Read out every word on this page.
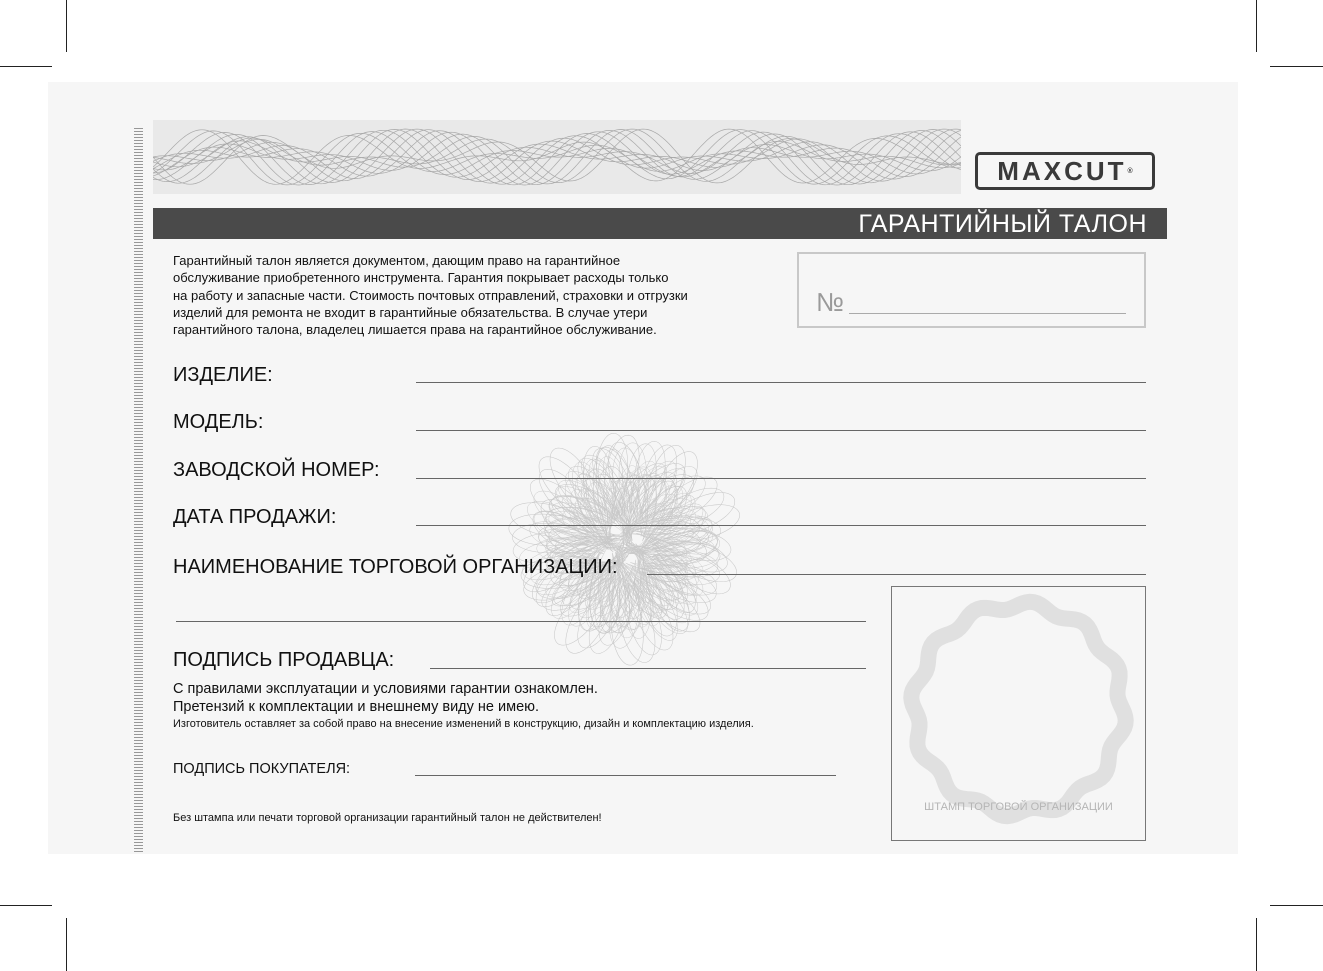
MAXCUT ®
ГАРАНТИЙНЫЙ ТАЛОН
Гарантийный талон является документом, дающим право на гарантийное
обслуживание приобретенного инструмента. Гарантия покрывает расходы только
на работу и запасные части. Стоимость почтовых отправлений, страховки и отгрузки
изделий для ремонта не входит в гарантийные обязательства. В случае утери
гарантийного талона, владелец лишается права на гарантийное обслуживание.
№
ИЗДЕЛИЕ:
МОДЕЛЬ:
ЗАВОДСКОЙ НОМЕР:
ДАТА ПРОДАЖИ:
НАИМЕНОВАНИЕ ТОРГОВОЙ ОРГАНИЗАЦИИ:
ПОДПИСЬ ПРОДАВЦА:
С правилами эксплуатации и условиями гарантии ознакомлен.
Претензий к комплектации и внешнему виду не имею.
Изготовитель оставляет за собой право на внесение изменений в конструкцию, дизайн и комплектацию изделия.
ПОДПИСЬ ПОКУПАТЕЛЯ:
Без штампа или печати торговой организации гарантийный талон не действителен!
ШТАМП ТОРГОВОЙ ОРГАНИЗАЦИИ
